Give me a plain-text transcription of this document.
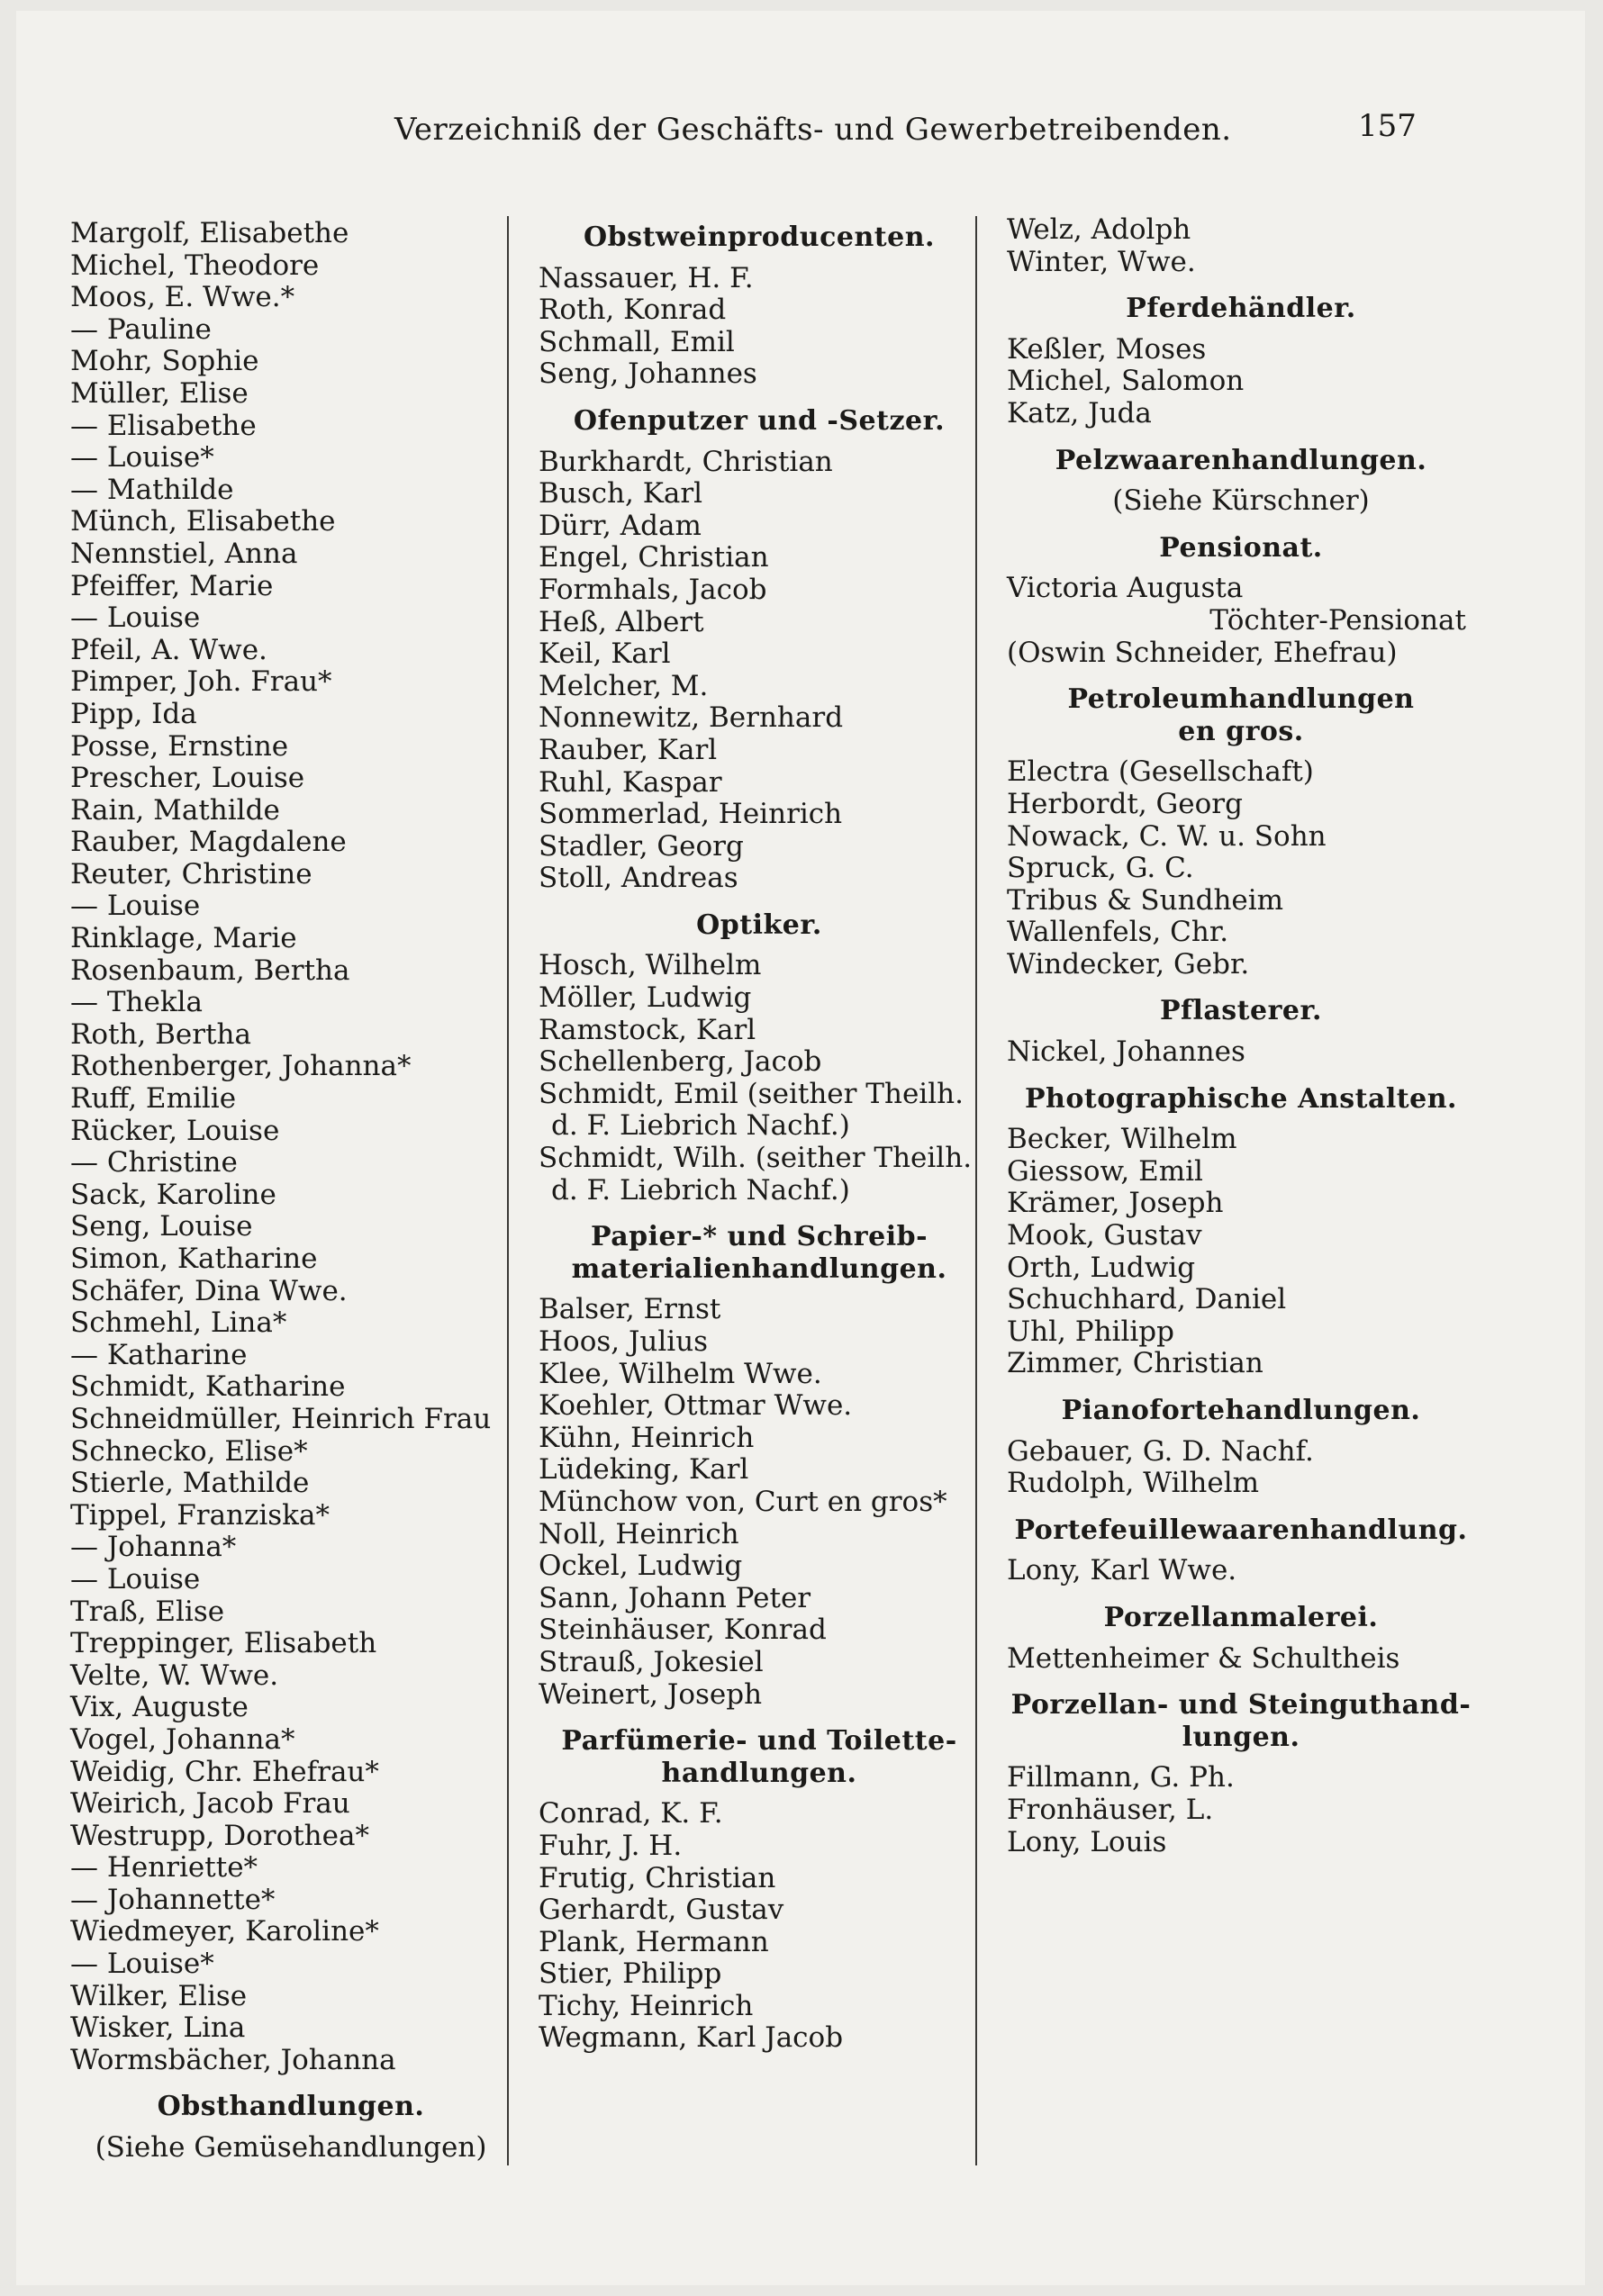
Verzeichniß der Geschäfts- und Gewerbetreibenden.	157
Margolf, Elisabethe
Michel, Theodore
Moos, E. Wwe.*
— Pauline
Mohr, Sophie
Müller, Elise
— Elisabethe
— Louise*
— Mathilde
Münch, Elisabethe
Nennstiel, Anna
Pfeiffer, Marie
— Louise
Pfeil, A. Wwe.
Pimper, Joh. Frau*
Pipp, Ida
Posse, Ernstine
Prescher, Louise
Rain, Mathilde
Rauber, Magdalene
Reuter, Christine
— Louise
Rinklage, Marie
Rosenbaum, Bertha
— Thekla
Roth, Bertha
Rothenberger, Johanna*
Ruff, Emilie
Rücker, Louise
— Christine
Sack, Karoline
Seng, Louise
Simon, Katharine
Schäfer, Dina Wwe.
Schmehl, Lina*
— Katharine
Schmidt, Katharine
Schneidmüller, Heinrich Frau
Schnecko, Elise*
Stierle, Mathilde
Tippel, Franziska*
— Johanna*
— Louise
Traß, Elise
Treppinger, Elisabeth
Velte, W. Wwe.
Vix, Auguste
Vogel, Johanna*
Weidig, Chr. Ehefrau*
Weirich, Jacob Frau
Westrupp, Dorothea*
— Henriette*
— Johannette*
Wiedmeyer, Karoline*
— Louise*
Wilker, Elise
Wisker, Lina
Wormsbächer, Johanna
Obsthandlungen.
(Siehe Gemüsehandlungen)
Obstweinproducenten.
Nassauer, H. F.
Roth, Konrad
Schmall, Emil
Seng, Johannes
Ofenputzer und -Setzer.
Burkhardt, Christian
Busch, Karl
Dürr, Adam
Engel, Christian
Formhals, Jacob
Heß, Albert
Keil, Karl
Melcher, M.
Nonnewitz, Bernhard
Rauber, Karl
Ruhl, Kaspar
Sommerlad, Heinrich
Stadler, Georg
Stoll, Andreas
Optiker.
Hosch, Wilhelm
Möller, Ludwig
Ramstock, Karl
Schellenberg, Jacob
Schmidt, Emil (seither Theilh.
d. F. Liebrich Nachf.)
Schmidt, Wilh. (seither Theilh.
d. F. Liebrich Nachf.)
Papier-* und Schreib-
materialienhandlungen.
Balser, Ernst
Hoos, Julius
Klee, Wilhelm Wwe.
Koehler, Ottmar Wwe.
Kühn, Heinrich
Lüdeking, Karl
Münchow von, Curt en gros*
Noll, Heinrich
Ockel, Ludwig
Sann, Johann Peter
Steinhäuser, Konrad
Strauß, Jokesiel
Weinert, Joseph
Parfümerie- und Toilette-
handlungen.
Conrad, K. F.
Fuhr, J. H.
Frutig, Christian
Gerhardt, Gustav
Plank, Hermann
Stier, Philipp
Tichy, Heinrich
Wegmann, Karl Jacob
Welz, Adolph
Winter, Wwe.
Pferdehändler.
Keßler, Moses
Michel, Salomon
Katz, Juda
Pelzwaarenhandlungen.
(Siehe Kürschner)
Pensionat.
Victoria Augusta
Töchter-Pensionat
(Oswin Schneider, Ehefrau)
Petroleumhandlungen
en gros.
Electra (Gesellschaft)
Herbordt, Georg
Nowack, C. W. u. Sohn
Spruck, G. C.
Tribus & Sundheim
Wallenfels, Chr.
Windecker, Gebr.
Pflasterer.
Nickel, Johannes
Photographische Anstalten.
Becker, Wilhelm
Giessow, Emil
Krämer, Joseph
Mook, Gustav
Orth, Ludwig
Schuchhard, Daniel
Uhl, Philipp
Zimmer, Christian
Pianofortehandlungen.
Gebauer, G. D. Nachf.
Rudolph, Wilhelm
Portefeuillewaarenhandlung.
Lony, Karl Wwe.
Porzellanmalerei.
Mettenheimer & Schultheis
Porzellan- und Steinguthand-
lungen.
Fillmann, G. Ph.
Fronhäuser, L.
Lony, Louis
